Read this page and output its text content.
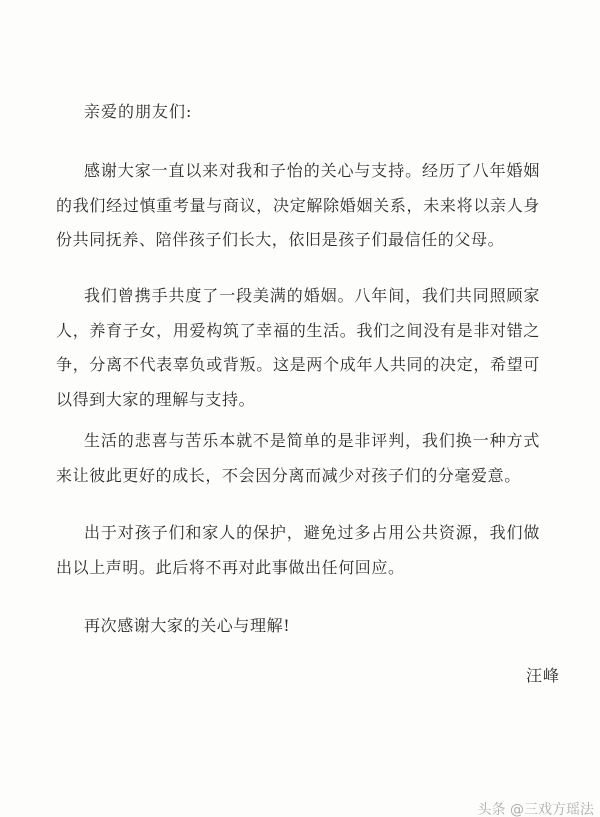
亲爱的朋友们:

感谢大家一直以来对我和子怡的关心与支持。经历了八年婚姻的我们经过慎重考量与商议，决定解除婚姻关系，未来将以亲人身份共同抚养、陪伴孩子们长大，依旧是孩子们最信任的父母。

我们曾携手共度了一段美满的婚姻。八年间，我们共同照顾家人，养育子女，用爱构筑了幸福的生活。我们之间没有是非对错之争，分离不代表辜负或背叛。这是两个成年人共同的决定，希望可以得到大家的理解与支持。

生活的悲喜与苦乐本就不是简单的是非评判，我们换一种方式来让彼此更好的成长，不会因分离而减少对孩子们的分毫爱意。

出于对孩子们和家人的保护，避免过多占用公共资源，我们做出以上声明。此后将不再对此事做出任何回应。

再次感谢大家的关心与理解!

汪峰

头条 @三戏方瑶法
